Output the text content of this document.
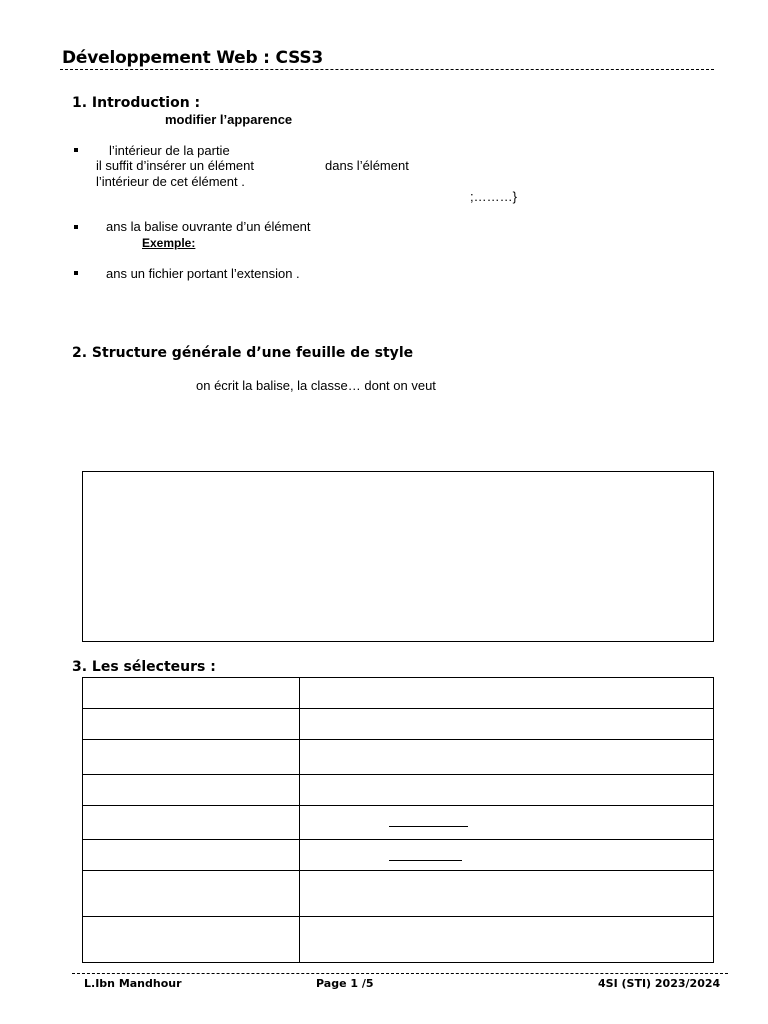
Développement Web : CSS3
1. Introduction :
modifier l’apparence
l’intérieur de la partie
il suffit d’insérer un élément	dans l’élément
l’intérieur de cet élément .
;………}
ans la balise ouvrante d’un élément
Exemple:
ans un fichier portant l’extension .
2. Structure générale d’une feuille de style
on écrit la balise, la classe… dont on veut
3. Les sélecteurs :

L.Ibn Mandhour	Page 1 /5	4SI (STI) 2023/2024
